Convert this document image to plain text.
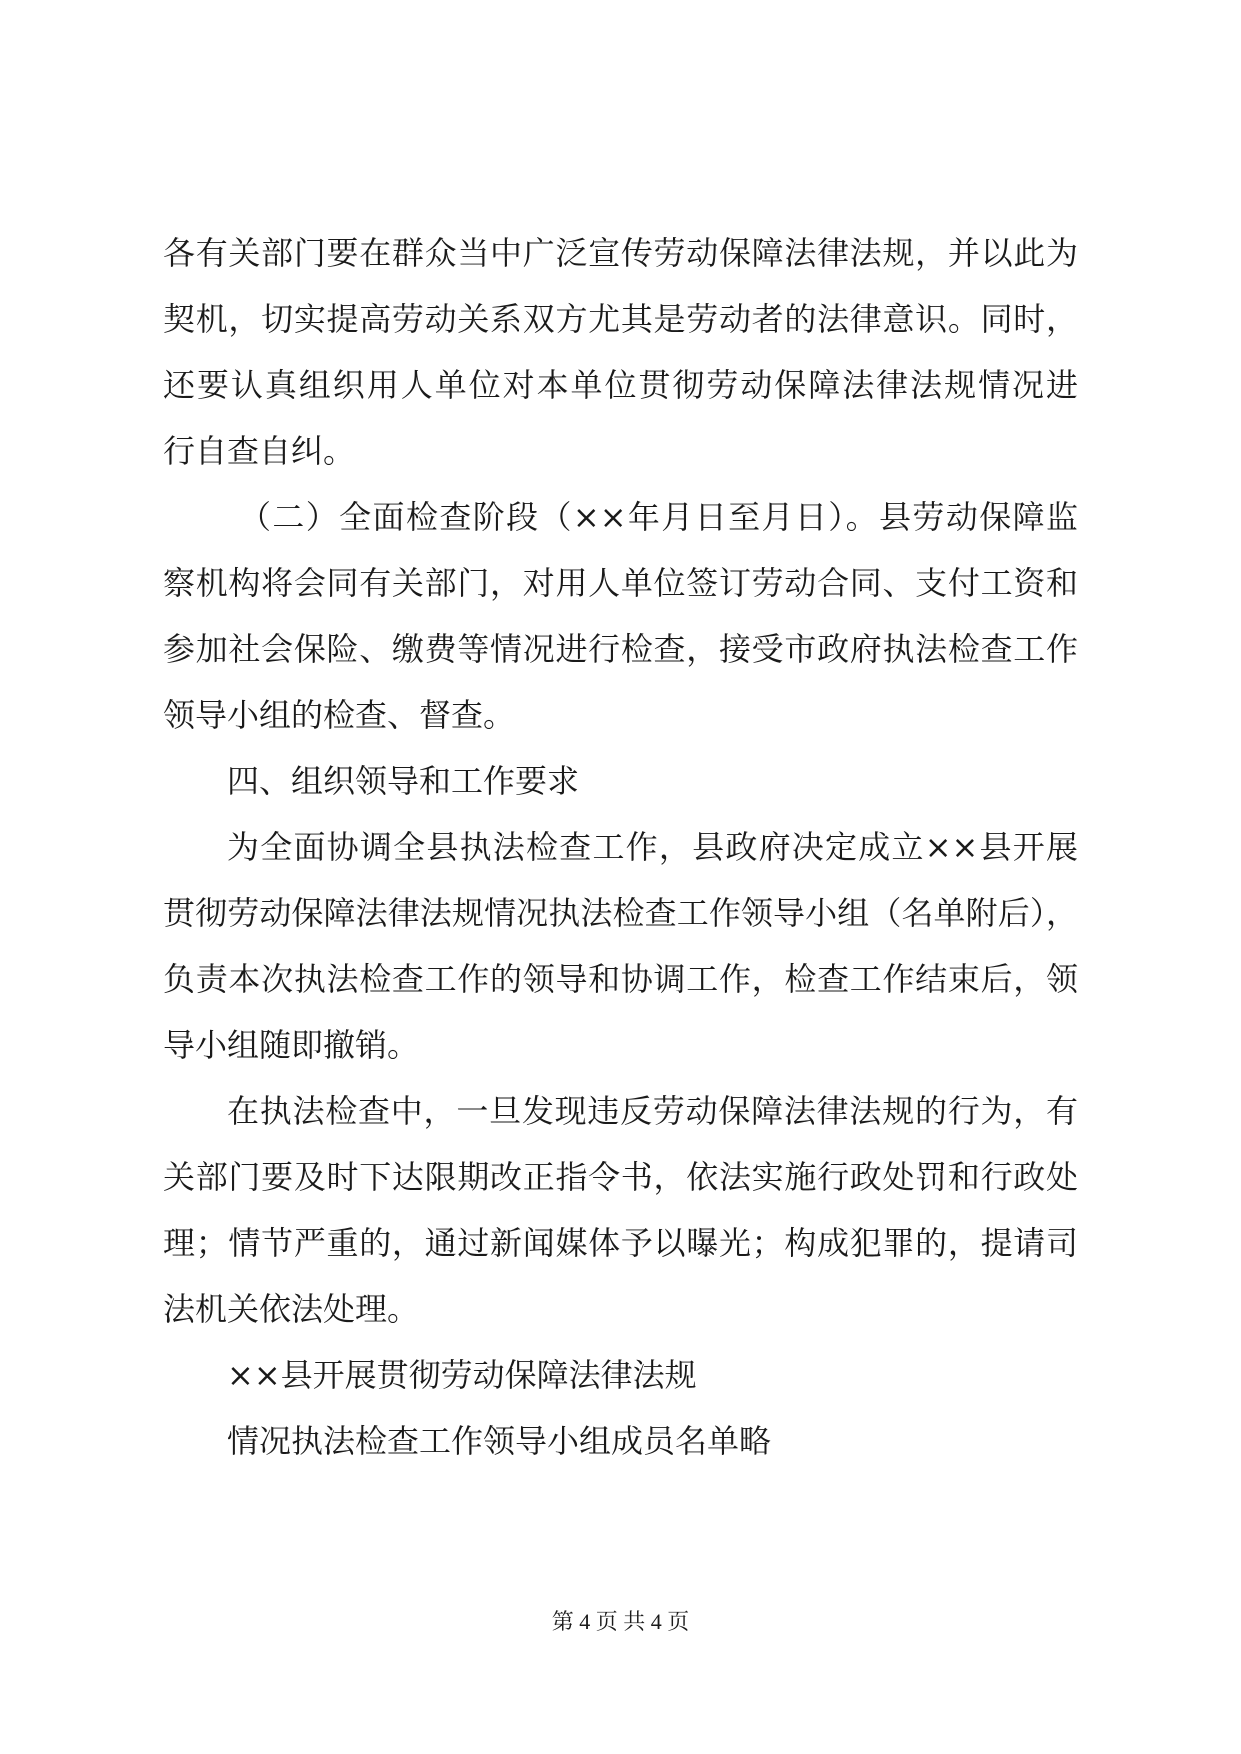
各有关部门要在群众当中广泛宣传劳动保障法律法规，并以此为
契机，切实提高劳动关系双方尤其是劳动者的法律意识。同时，
还要认真组织用人单位对本单位贯彻劳动保障法律法规情况进
行自查自纠。
（二）全面检查阶段（××年月日至月日）。县劳动保障监
察机构将会同有关部门，对用人单位签订劳动合同、支付工资和
参加社会保险、缴费等情况进行检查，接受市政府执法检查工作
领导小组的检查、督查。
四、组织领导和工作要求
为全面协调全县执法检查工作，县政府决定成立××县开展
贯彻劳动保障法律法规情况执法检查工作领导小组（名单附后），
负责本次执法检查工作的领导和协调工作，检查工作结束后，领
导小组随即撤销。
在执法检查中，一旦发现违反劳动保障法律法规的行为，有
关部门要及时下达限期改正指令书，依法实施行政处罚和行政处
理；情节严重的，通过新闻媒体予以曝光；构成犯罪的，提请司
法机关依法处理。
××县开展贯彻劳动保障法律法规
情况执法检查工作领导小组成员名单略
第 4 页 共 4 页
